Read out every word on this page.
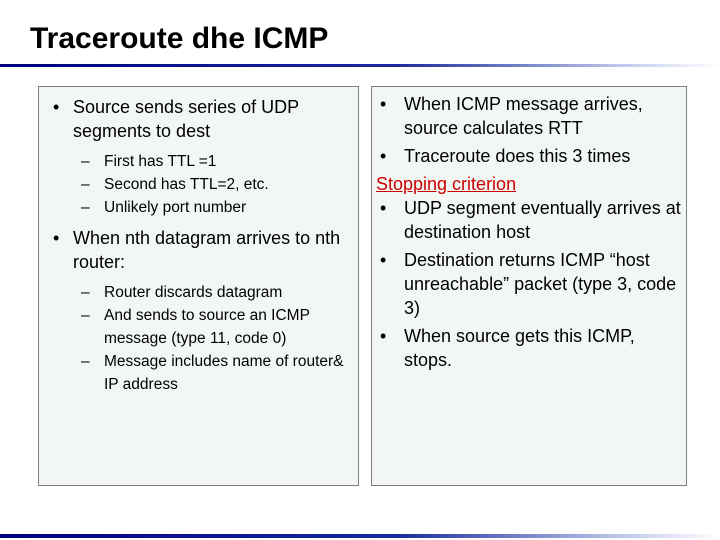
Traceroute dhe ICMP
• Source sends series of UDP segments to dest
– First has TTL =1
– Second has TTL=2, etc.
– Unlikely port number
• When nth datagram arrives to nth router:
– Router discards datagram
– And sends to source an ICMP message (type 11, code 0)
– Message includes name of router& IP address
• When ICMP message arrives, source calculates RTT
• Traceroute does this 3 times
Stopping criterion
• UDP segment eventually arrives at destination host
• Destination returns ICMP “host unreachable” packet (type 3, code 3)
• When source gets this ICMP, stops.
